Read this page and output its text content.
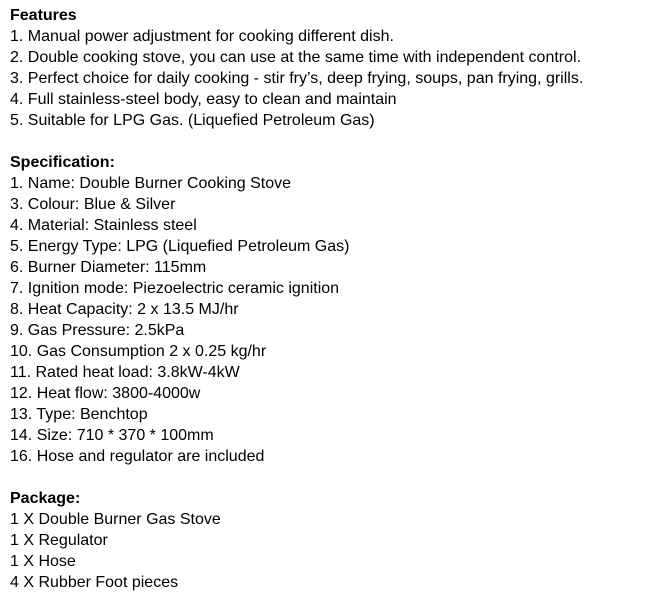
Features
1. Manual power adjustment for cooking different dish.
2. Double cooking stove, you can use at the same time with independent control.
3. Perfect choice for daily cooking - stir fry’s, deep frying, soups, pan frying, grills.
4. Full stainless-steel body, easy to clean and maintain
5. Suitable for LPG Gas. (Liquefied Petroleum Gas)
Specification:
1. Name: Double Burner Cooking Stove
3. Colour: Blue & Silver
4. Material: Stainless steel
5. Energy Type: LPG (Liquefied Petroleum Gas)
6. Burner Diameter: 115mm
7. Ignition mode: Piezoelectric ceramic ignition
8. Heat Capacity: 2 x 13.5 MJ/hr
9. Gas Pressure: 2.5kPa
10. Gas Consumption 2 x 0.25 kg/hr
11. Rated heat load: 3.8kW-4kW
12. Heat flow: 3800-4000w
13. Type: Benchtop
14. Size: 710 * 370 * 100mm
16. Hose and regulator are included
Package:
1 X Double Burner Gas Stove
1 X Regulator
1 X Hose
4 X Rubber Foot pieces
